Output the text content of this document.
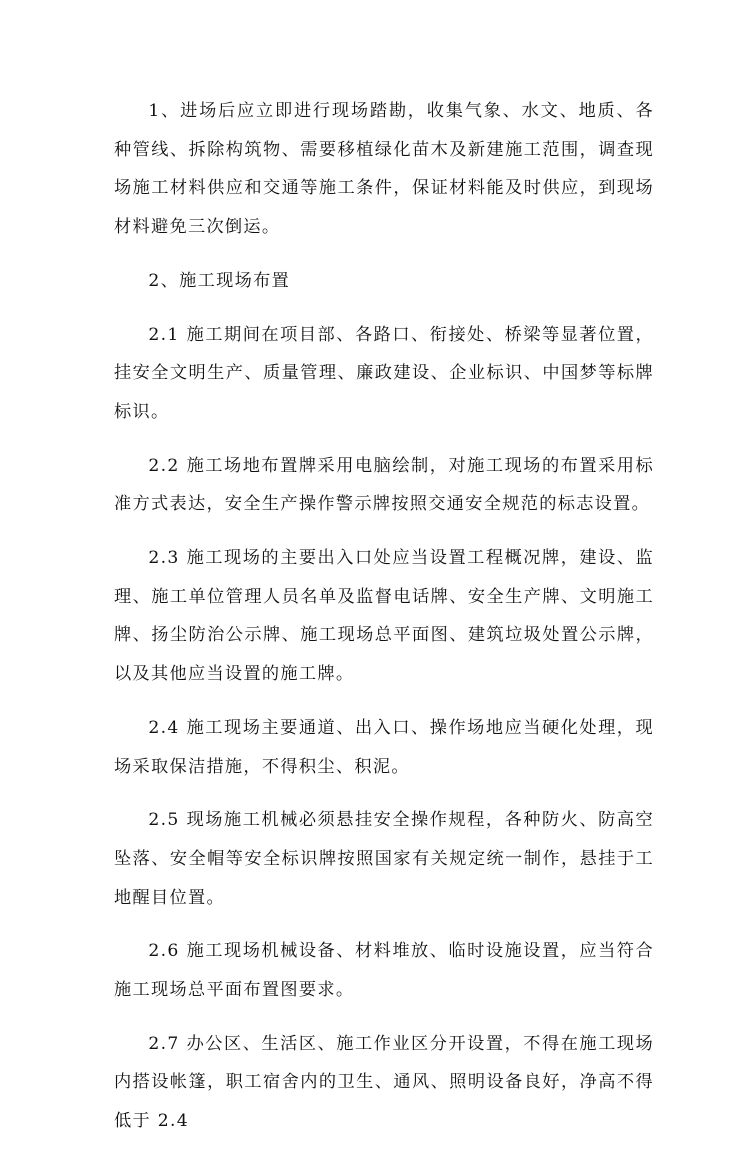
1、进场后应立即进行现场踏勘，收集气象、水文、地质、各种管线、拆除构筑物、需要移植绿化苗木及新建施工范围，调查现场施工材料供应和交通等施工条件，保证材料能及时供应，到现场材料避免三次倒运。

2、施工现场布置

2.1 施工期间在项目部、各路口、衔接处、桥梁等显著位置，挂安全文明生产、质量管理、廉政建设、企业标识、中国梦等标牌标识。

2.2 施工场地布置牌采用电脑绘制，对施工现场的布置采用标准方式表达，安全生产操作警示牌按照交通安全规范的标志设置。

2.3 施工现场的主要出入口处应当设置工程概况牌，建设、监理、施工单位管理人员名单及监督电话牌、安全生产牌、文明施工牌、扬尘防治公示牌、施工现场总平面图、建筑垃圾处置公示牌，以及其他应当设置的施工牌。

2.4 施工现场主要通道、出入口、操作场地应当硬化处理，现场采取保洁措施，不得积尘、积泥。

2.5 现场施工机械必须悬挂安全操作规程，各种防火、防高空坠落、安全帽等安全标识牌按照国家有关规定统一制作，悬挂于工地醒目位置。

2.6 施工现场机械设备、材料堆放、临时设施设置，应当符合施工现场总平面布置图要求。

2.7 办公区、生活区、施工作业区分开设置，不得在施工现场内搭设帐篷，职工宿舍内的卫生、通风、照明设备良好，净高不得低于 2.4
